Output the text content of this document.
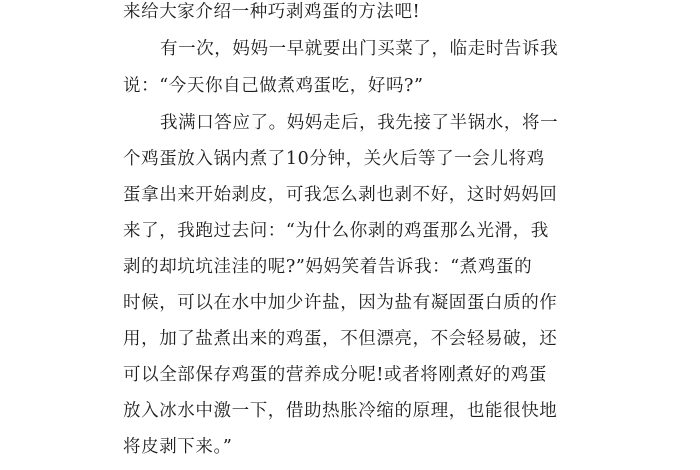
来给大家介绍一种巧剥鸡蛋的方法吧!
有一次，妈妈一早就要出门买菜了，临走时告诉我
说：“今天你自己做煮鸡蛋吃，好吗?”
我满口答应了。妈妈走后，我先接了半锅水，将一
个鸡蛋放入锅内煮了10分钟，关火后等了一会儿将鸡
蛋拿出来开始剥皮，可我怎么剥也剥不好，这时妈妈回
来了，我跑过去问：“为什么你剥的鸡蛋那么光滑，我
剥的却坑坑洼洼的呢?”妈妈笑着告诉我：“煮鸡蛋的
时候，可以在水中加少许盐，因为盐有凝固蛋白质的作
用，加了盐煮出来的鸡蛋，不但漂亮，不会轻易破，还
可以全部保存鸡蛋的营养成分呢!或者将刚煮好的鸡蛋
放入冰水中激一下，借助热胀冷缩的原理，也能很快地
将皮剥下来。”
